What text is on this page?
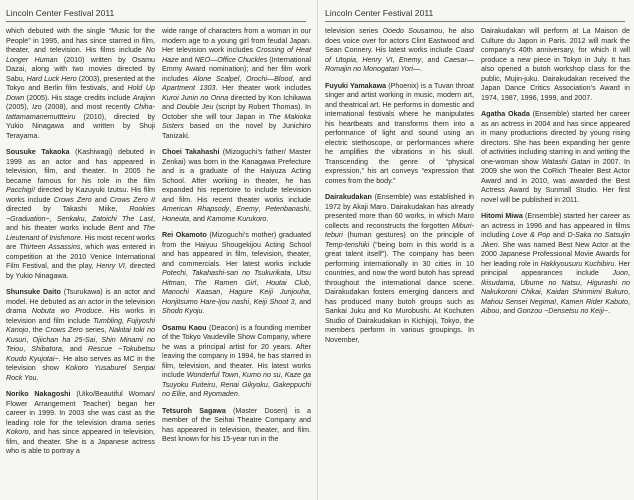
Lincoln Center Festival 2011

which debuted with the single “Music for the People” in 1995, and has since starred in film, theater, and television. His films include No Longer Human (2010) written by Osamu Dazai, along with two movies directed by Sabu, Hard Luck Hero (2003), presented at the Tokyo and Berlin film festivals, and Hold Up Down (2005). His stage credits include Arajinn (2005), Izo (2008), and most recently Chiha-tattamamanemuttteiru (2010), directed by Yukio Ninagawa and written by Shuji Terayama.

Sousuke Takaoka (Kashiwagi) debuted in 1999 as an actor and has appeared in television, film, and theater. In 2005 he became famous for his role in the film Pacchigi! directed by Kazuyuki Izutsu. His film works include Crows Zero and Crows Zero II directed by Takashi Miike, Rookies ~Graduation~, Senkaku, Zatoichi The Last, and his theater works include Bent and The Lieutenant of Inishmore. His most recent works are Thirteen Assassins, which was entered in competition at the 2010 Venice International Film Festival, and the play, Henry VI, directed by Yukio Ninagawa.

Shunsuke Daito (Tsurukawa) is an actor and model. He debuted as an actor in the television drama Nobuta wo Produce. His works in television and film include Tumbling, Fujiyoshi Kanojo, the Crows Zero series, Nakitai toki no Kusuri, Ojiichan ha 25-Sai, Shin Minami no Teiou, Shibatora, and Rescue ~Tokubetsu Koudo Kyujotai~. He also serves as MC in the television show Kokoro Yusaburel Senpai Rock You.

Noriko Nakagoshi (Uiko/Beautiful Woman/ Flower Arrangement Teacher) began her career in 1999. In 2003 she was cast as the leading role for the television drama series Kokoro, and has since appeared in television, film, and theater. She is a Japanese actress who is able to portray a

wide range of characters from a woman in our modern age to a young girl from feudal Japan. Her television work includes Crossing of Heat Haze and NEO—Office Chuckles (International Emmy Award nomination); and her film work includes Alone Scalpel, Orochi—Blood, and Apartment 1303. Her theater work includes Kuroi Junin no Onna directed by Kon Ichikawa and Double Jeu (script by Robert Thomas). In October she will tour Japan in The Makioka Sisters based on the novel by Junichiro Tanizaki.

Choei Takahashi (Mizoguchi’s father/ Master Zenkai) was born in the Kanagawa Prefecture and is a graduate of the Haiyuza Acting School. After working in theater, he has expanded his repertoire to include television and film. His recent theater works include American Rhapsody, Enemy, Petenbanashi, Honeuta, and Kamome Kurukoro.

Rei Okamoto (Mizoguchi’s mother) graduated from the Haiyuu Shougekijou Acting School and has appeared in film, television, theater, and commercials. Her latest works include Potechi, Takahashi-san no Tsukurikata, Utsu Hitman, The Ramen Girl, Houtai Club, Manochi Kaasan, Hagure Keiji Junjouha, Honjitsumo Hare-Ijou nashi, Keiji Shoot 3, and Shodo Kyoju.

Osamu Kaou (Deacon) is a founding member of the Tokyo Vaudeville Show Company, where he was a principal artist for 20 years. After leaving the company in 1994, he has starred in film, television, and theater. His latest works include Wonderful Town, Kumo no su, Kaze ga Tsuyoku Fuiteiru, Renai Gikyoku, Gakeppuchi no Ellie, and Ryomaden.

Tetsuroh Sagawa (Master Dosen) is a member of the Seihai Theatre Company and has appeared in television, theater, and film. Best known for his 15-year run in the

Lincoln Center Festival 2011

television series Ooedo Sousamou, he also does voice over for actors Clint Eastwood and Sean Connery. His latest works include Coast of Utopia, Henry VI, Enemy, and Caesar—Romajin no Monogatari Yori—.

Fuyuki Yamakawa (Phoenix) is a Tuvan throat singer and artist working in music, modern art, and theatrical art. He performs in domestic and international festivals where he manipulates his heartbeats and transforms them into a performance of light and sound using an electric stethoscope, or performances where he amplifies the vibrations in his skull. Transcending the genre of “physical expression,” his art conveys “expression that comes from the body.”

Dairakudakan (Ensemble) was established in 1972 by Akaji Maro. Dairakudakan has already presented more than 60 works, in which Maro collects and reconstructs the forgotten Miburi-teburi (human gestures) on the principle of Temp-tenshiki (“being born in this world is a great talent itself”). The company has been performing internationally in 30 cities in 10 countries, and now the word butoh has spread throughout the international dance scene. Dairakudakan fosters emerging dancers and has produced many butoh groups such as Sankai Juku and Ko Murobushi. At Kochuten Studio of Dairakudakan in Kichijoji, Tokyo, the members perform in various groupings. In November,

Dairakudakan will perform at La Maison de Culture du Japon in Paris. 2012 will mark the company’s 40th anniversary, for which it will produce a new piece in Tokyo in July. It has also opened a butoh workshop class for the public, Mujin-juku. Dairakudakan received the Japan Dance Critics Association’s Award in 1974, 1987, 1996, 1999, and 2007.

Agatha Okada (Ensemble) started her career as an actress in 2004 and has since appeared in many productions directed by young rising directors. She has been expanding her genre of activities including starring in and writing the one-woman show Watashi Gatari in 2007. In 2009 she won the CoRich Theater Best Actor Award and in 2010, was awarded the Best Actress Award by Sunmall Studio. Her first novel will be published in 2011.

Hitomi Miwa (Ensemble) started her career as an actress in 1996 and has appeared in films including Love & Pop and D-Saka no Satsujin Jiken. She was named Best New Actor at the 2000 Japanese Professional Movie Awards for her leading role in Hakkyousuru Kuchibiru. Her principal appearances include Juon, Ikisudama, Ubume no Natsu, Higurashi no Nakukoroni Chikai, Kaidan Shinmimi Bukuro, Mahou Sensei Negima!, Kamen Rider Kabuto, Aibou, and Gonzou ~Densetsu no Keiji~.
